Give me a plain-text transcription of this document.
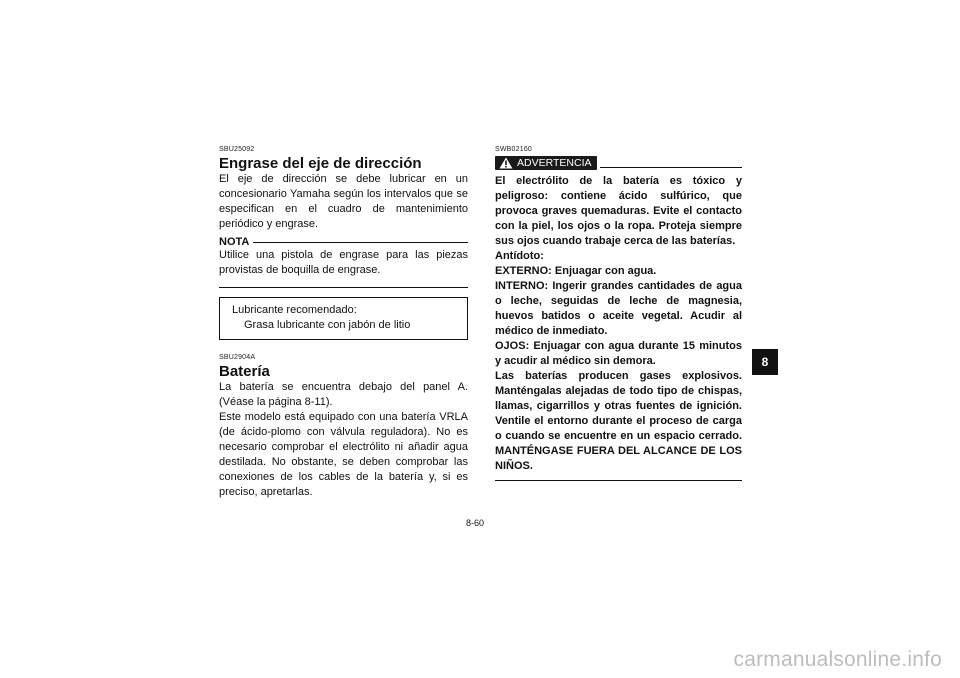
SBU25092
Engrase del eje de dirección

El eje de dirección se debe lubricar en un concesionario Yamaha según los intervalos que se especifican en el cuadro de mantenimiento periódico y engrase.

NOTA

Utilice una pistola de engrase para las piezas provistas de boquilla de engrase.

Lubricante recomendado:
Grasa lubricante con jabón de litio
SBU2904A
Batería

La batería se encuentra debajo del panel A. (Véase la página 8-11).

Este modelo está equipado con una batería VRLA (de ácido-plomo con válvula reguladora). No es necesario comprobar el electrólito ni añadir agua destilada. No obstante, se deben comprobar las conexiones de los cables de la batería y, si es preciso, apretarlas.

SWB02160
ADVERTENCIA

El electrólito de la batería es tóxico y peligroso: contiene ácido sulfúrico, que provoca graves quemaduras. Evite el contacto con la piel, los ojos o la ropa. Proteja siempre sus ojos cuando trabaje cerca de las baterías.

Antídoto:

EXTERNO: Enjuagar con agua.

INTERNO: Ingerir grandes cantidades de agua o leche, seguidas de leche de magnesia, huevos batidos o aceite vegetal. Acudir al médico de inmediato.

OJOS: Enjuagar con agua durante 15 minutos y acudir al médico sin demora.

Las baterías producen gases explosivos. Manténgalas alejadas de todo tipo de chispas, llamas, cigarrillos y otras fuentes de ignición. Ventile el entorno durante el proceso de carga o cuando se encuentre en un espacio cerrado. MANTÉNGASE FUERA DEL ALCANCE DE LOS NIÑOS.

8-60
8
carmanualsonline.info
